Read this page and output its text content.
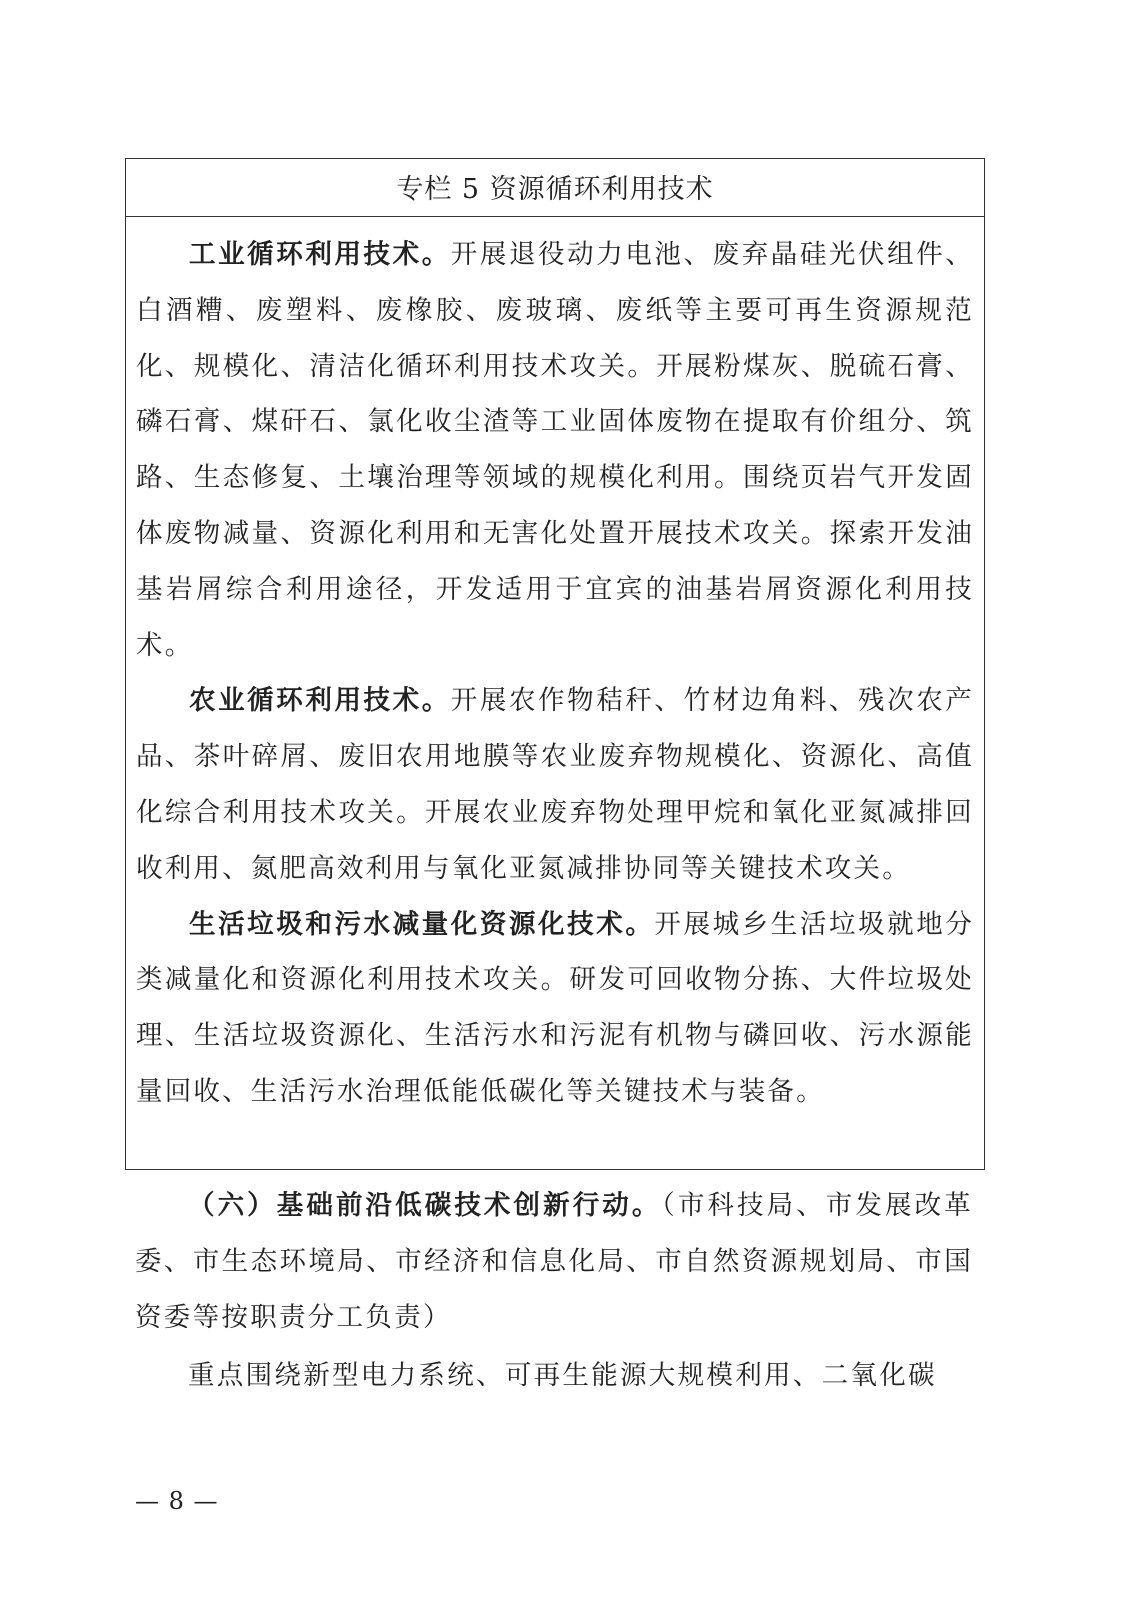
专栏 5 资源循环利用技术

工业循环利用技术。开展退役动力电池、废弃晶硅光伏组件、白酒糟、废塑料、废橡胶、废玻璃、废纸等主要可再生资源规范化、规模化、清洁化循环利用技术攻关。开展粉煤灰、脱硫石膏、磷石膏、煤矸石、氯化收尘渣等工业固体废物在提取有价组分、筑路、生态修复、土壤治理等领域的规模化利用。围绕页岩气开发固体废物减量、资源化利用和无害化处置开展技术攻关。探索开发油基岩屑综合利用途径，开发适用于宜宾的油基岩屑资源化利用技术。

农业循环利用技术。开展农作物秸秆、竹材边角料、残次农产品、茶叶碎屑、废旧农用地膜等农业废弃物规模化、资源化、高值化综合利用技术攻关。开展农业废弃物处理甲烷和氧化亚氮减排回收利用、氮肥高效利用与氧化亚氮减排协同等关键技术攻关。

生活垃圾和污水减量化资源化技术。开展城乡生活垃圾就地分类减量化和资源化利用技术攻关。研发可回收物分拣、大件垃圾处理、生活垃圾资源化、生活污水和污泥有机物与磷回收、污水源能量回收、生活污水治理低能低碳化等关键技术与装备。

（六）基础前沿低碳技术创新行动。（市科技局、市发展改革委、市生态环境局、市经济和信息化局、市自然资源规划局、市国资委等按职责分工负责）

重点围绕新型电力系统、可再生能源大规模利用、二氧化碳

— 8 —
